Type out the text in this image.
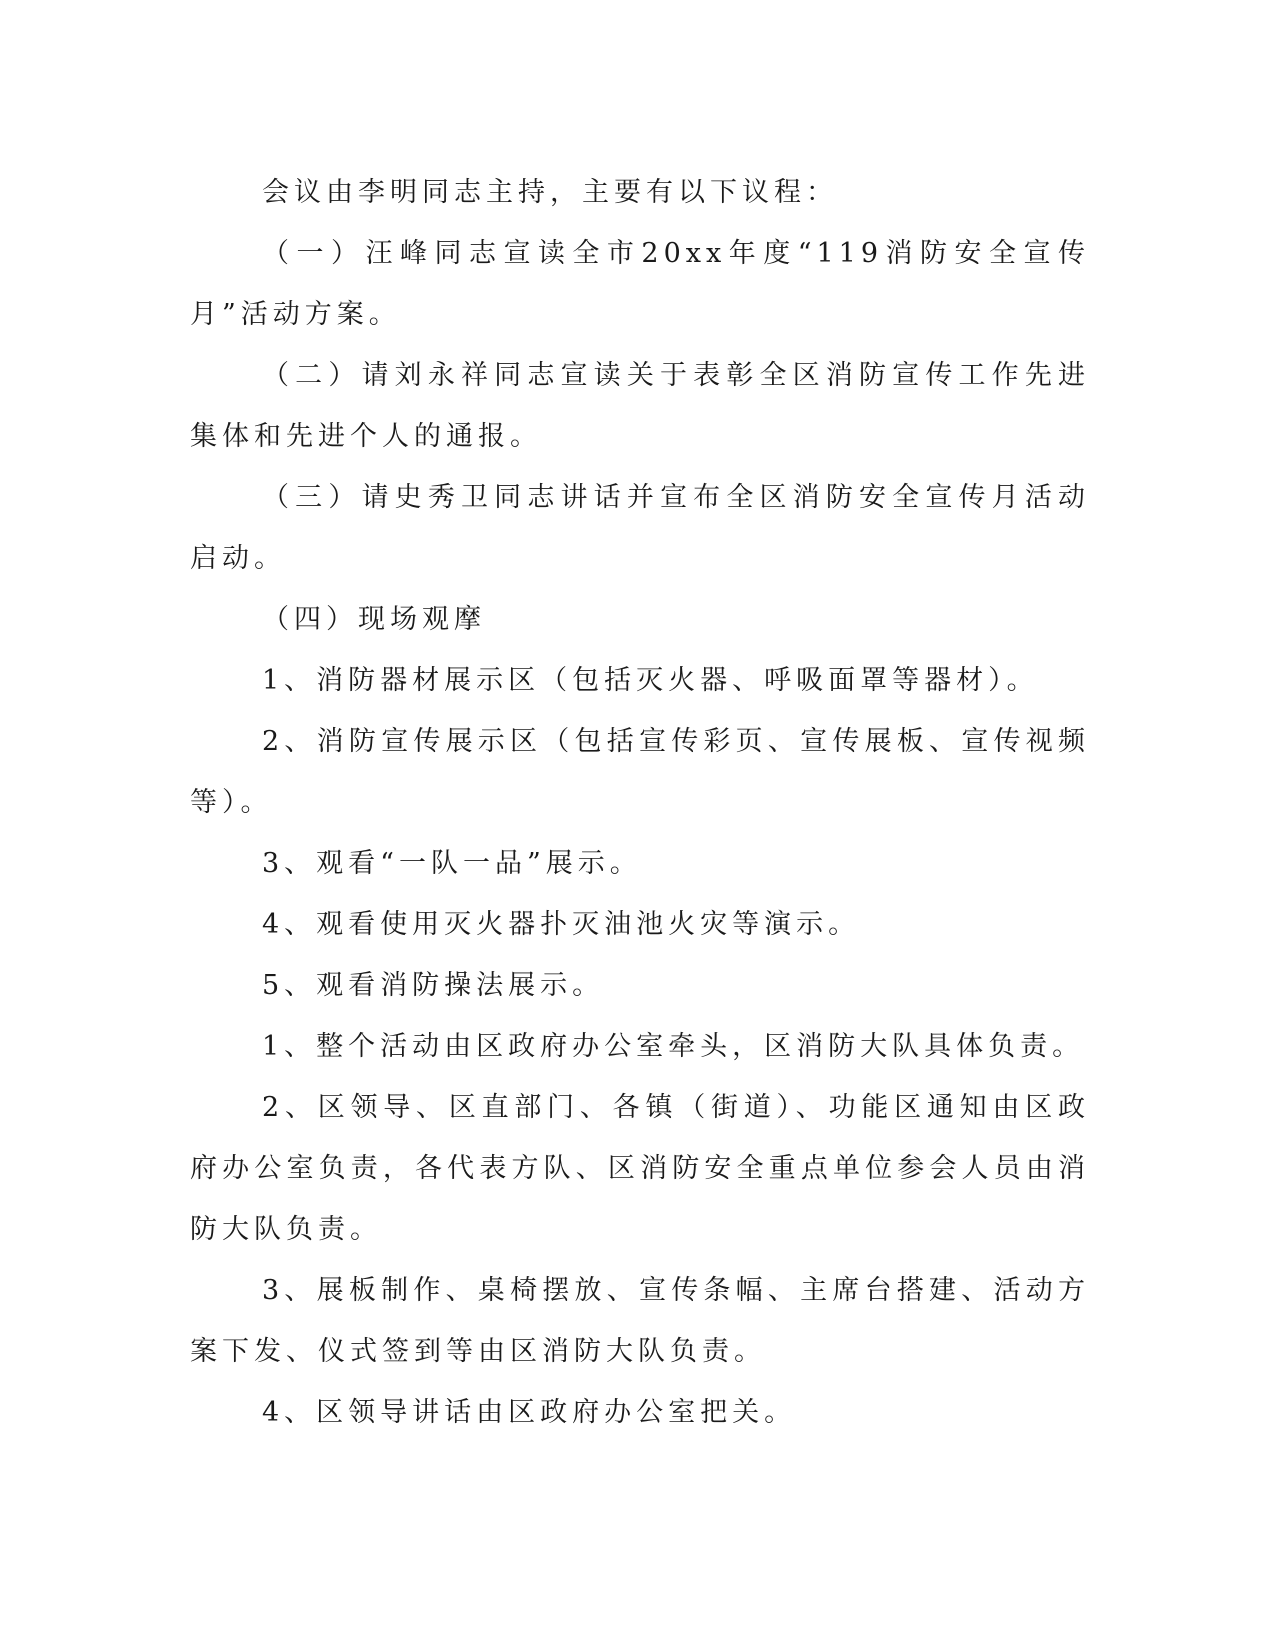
会议由李明同志主持，主要有以下议程：

（一）汪峰同志宣读全市20xx年度“119消防安全宣传月”活动方案。

（二）请刘永祥同志宣读关于表彰全区消防宣传工作先进集体和先进个人的通报。

（三）请史秀卫同志讲话并宣布全区消防安全宣传月活动启动。

（四）现场观摩

1、消防器材展示区（包括灭火器、呼吸面罩等器材）。

2、消防宣传展示区（包括宣传彩页、宣传展板、宣传视频等）。

3、观看“一队一品”展示。

4、观看使用灭火器扑灭油池火灾等演示。

5、观看消防操法展示。

1、整个活动由区政府办公室牵头，区消防大队具体负责。

2、区领导、区直部门、各镇（街道）、功能区通知由区政府办公室负责，各代表方队、区消防安全重点单位参会人员由消防大队负责。

3、展板制作、桌椅摆放、宣传条幅、主席台搭建、活动方案下发、仪式签到等由区消防大队负责。

4、区领导讲话由区政府办公室把关。
